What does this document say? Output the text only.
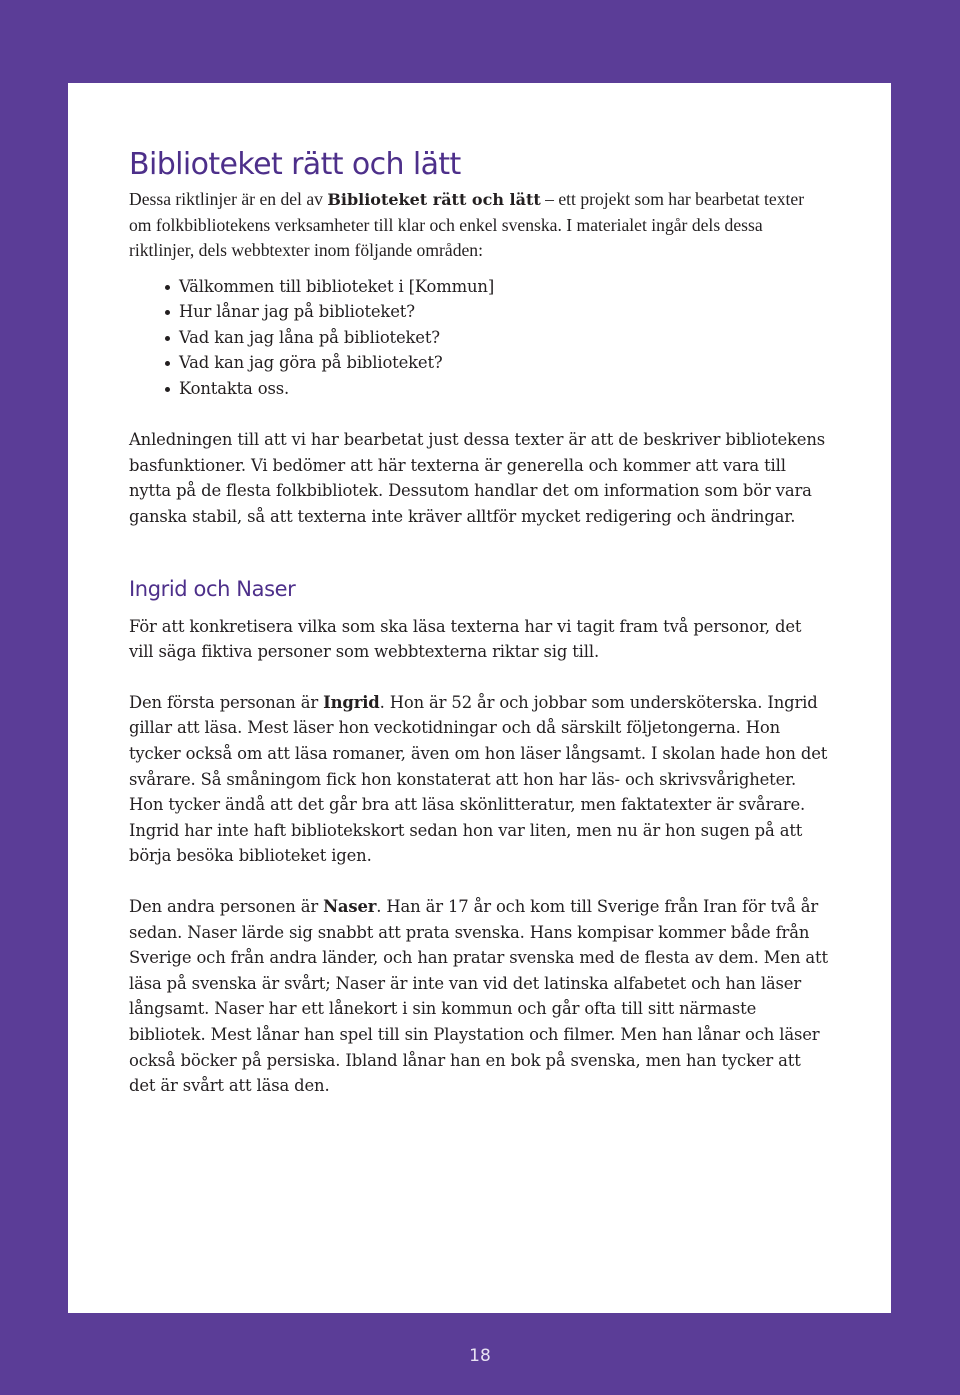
Biblioteket rätt och lätt

Dessa riktlinjer är en del av Biblioteket rätt och lätt – ett projekt som har bearbetat texter om folkbibliotekens verksamheter till klar och enkel svenska. I materialet ingår dels dessa riktlinjer, dels webbtexter inom följande områden:

Välkommen till biblioteket i [Kommun]
Hur lånar jag på biblioteket?
Vad kan jag låna på biblioteket?
Vad kan jag göra på biblioteket?
Kontakta oss.

Anledningen till att vi har bearbetat just dessa texter är att de beskriver bibliotekens basfunktioner. Vi bedömer att här texterna är generella och kommer att vara till nytta på de flesta folkbibliotek. Dessutom handlar det om information som bör vara ganska stabil, så att texterna inte kräver alltför mycket redigering och ändringar.

Ingrid och Naser

För att konkretisera vilka som ska läsa texterna har vi tagit fram två personor, det vill säga fiktiva personer som webbtexterna riktar sig till.

Den första personan är Ingrid. Hon är 52 år och jobbar som undersköterska. Ingrid gillar att läsa. Mest läser hon veckotidningar och då särskilt följetongerna. Hon tycker också om att läsa romaner, även om hon läser långsamt. I skolan hade hon det svårare. Så småningom fick hon konstaterat att hon har läs- och skrivsvårigheter. Hon tycker ändå att det går bra att läsa skönlitteratur, men faktatexter är svårare. Ingrid har inte haft bibliotekskort sedan hon var liten, men nu är hon sugen på att börja besöka biblioteket igen.

Den andra personen är Naser. Han är 17 år och kom till Sverige från Iran för två år sedan. Naser lärde sig snabbt att prata svenska. Hans kompisar kommer både från Sverige och från andra länder, och han pratar svenska med de flesta av dem. Men att läsa på svenska är svårt; Naser är inte van vid det latinska alfabetet och han läser långsamt. Naser har ett lånekort i sin kommun och går ofta till sitt närmaste bibliotek. Mest lånar han spel till sin Playstation och filmer. Men han lånar och läser också böcker på persiska. Ibland lånar han en bok på svenska, men han tycker att det är svårt att läsa den.

18
